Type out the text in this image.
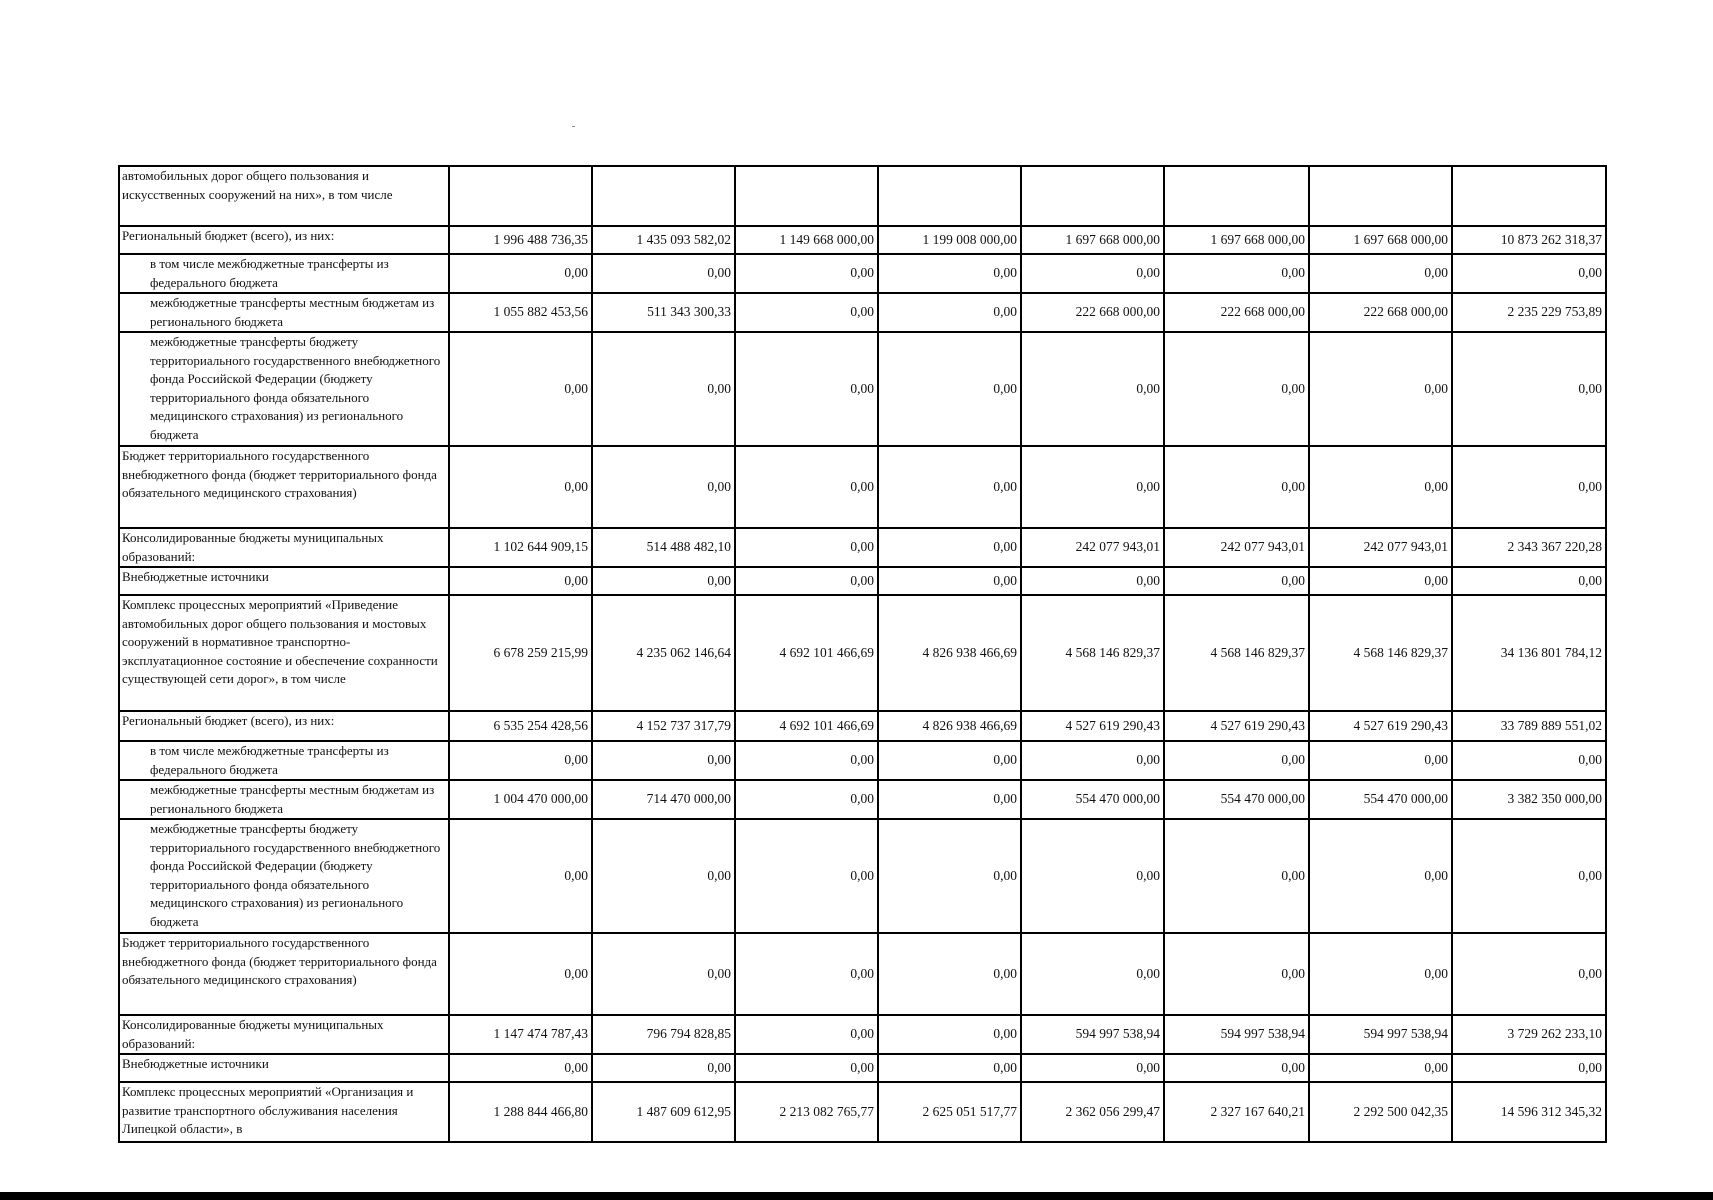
автомобильных дорог общего пользования и искусственных сооружений на них», в том числе								
Региональный бюджет (всего), из них:	1 996 488 736,35	1 435 093 582,02	1 149 668 000,00	1 199 008 000,00	1 697 668 000,00	1 697 668 000,00	1 697 668 000,00	10 873 262 318,37
в том числе межбюджетные трансферты из федерального бюджета	0,00	0,00	0,00	0,00	0,00	0,00	0,00	0,00
межбюджетные трансферты местным бюджетам из регионального бюджета	1 055 882 453,56	511 343 300,33	0,00	0,00	222 668 000,00	222 668 000,00	222 668 000,00	2 235 229 753,89
межбюджетные трансферты бюджету территориального государственного внебюджетного фонда Российской Федерации (бюджету территориального фонда обязательного медицинского страхования) из регионального бюджета	0,00	0,00	0,00	0,00	0,00	0,00	0,00	0,00
Бюджет территориального государственного внебюджетного фонда (бюджет территориального фонда обязательного медицинского страхования)	0,00	0,00	0,00	0,00	0,00	0,00	0,00	0,00
Консолидированные бюджеты муниципальных образований:	1 102 644 909,15	514 488 482,10	0,00	0,00	242 077 943,01	242 077 943,01	242 077 943,01	2 343 367 220,28
Внебюджетные источники	0,00	0,00	0,00	0,00	0,00	0,00	0,00	0,00
Комплекс процессных мероприятий «Приведение автомобильных дорог общего пользования и мостовых сооружений в нормативное транспортно-эксплуатационное состояние и обеспечение сохранности существующей сети дорог», в том числе	6 678 259 215,99	4 235 062 146,64	4 692 101 466,69	4 826 938 466,69	4 568 146 829,37	4 568 146 829,37	4 568 146 829,37	34 136 801 784,12
Региональный бюджет (всего), из них:	6 535 254 428,56	4 152 737 317,79	4 692 101 466,69	4 826 938 466,69	4 527 619 290,43	4 527 619 290,43	4 527 619 290,43	33 789 889 551,02
в том числе межбюджетные трансферты из федерального бюджета	0,00	0,00	0,00	0,00	0,00	0,00	0,00	0,00
межбюджетные трансферты местным бюджетам из регионального бюджета	1 004 470 000,00	714 470 000,00	0,00	0,00	554 470 000,00	554 470 000,00	554 470 000,00	3 382 350 000,00
межбюджетные трансферты бюджету территориального государственного внебюджетного фонда Российской Федерации (бюджету территориального фонда обязательного медицинского страхования) из регионального бюджета	0,00	0,00	0,00	0,00	0,00	0,00	0,00	0,00
Бюджет территориального государственного внебюджетного фонда (бюджет территориального фонда обязательного медицинского страхования)	0,00	0,00	0,00	0,00	0,00	0,00	0,00	0,00
Консолидированные бюджеты муниципальных образований:	1 147 474 787,43	796 794 828,85	0,00	0,00	594 997 538,94	594 997 538,94	594 997 538,94	3 729 262 233,10
Внебюджетные источники	0,00	0,00	0,00	0,00	0,00	0,00	0,00	0,00
Комплекс процессных мероприятий «Организация и развитие транспортного обслуживания населения Липецкой области», в	1 288 844 466,80	1 487 609 612,95	2 213 082 765,77	2 625 051 517,77	2 362 056 299,47	2 327 167 640,21	2 292 500 042,35	14 596 312 345,32
